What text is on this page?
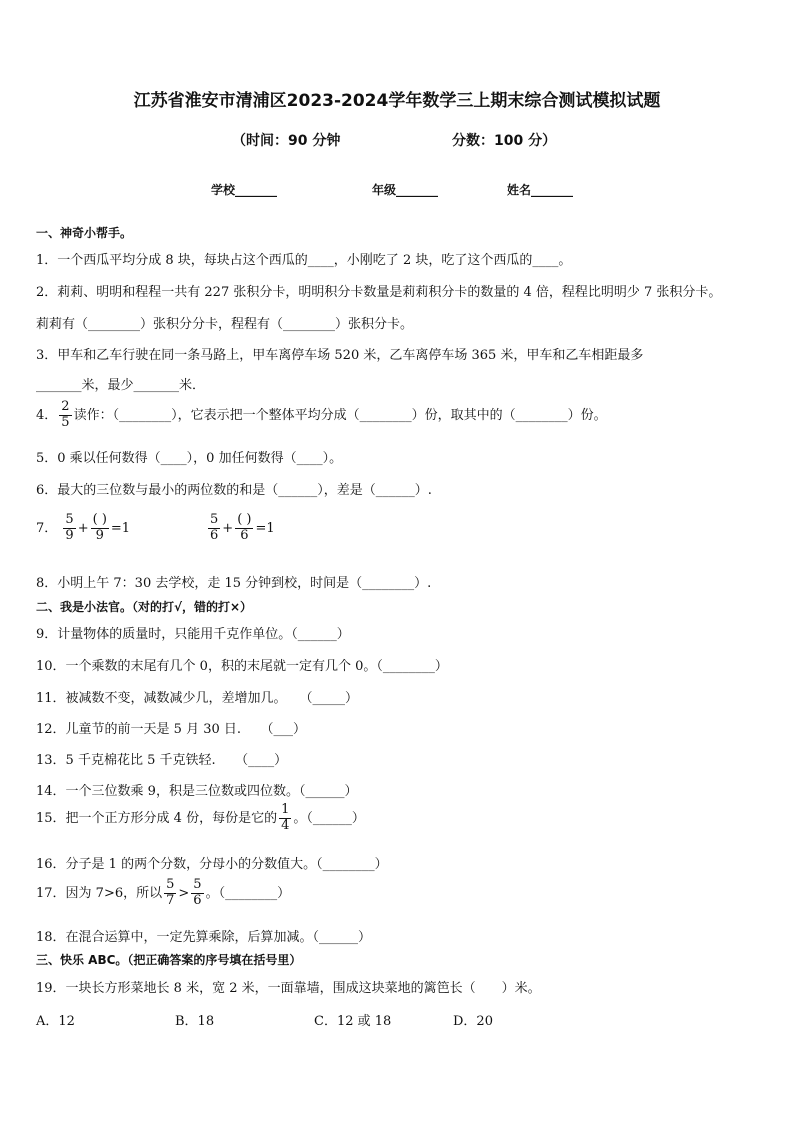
江苏省淮安市清浦区2023-2024学年数学三上期末综合测试模拟试题
（时间：90 分钟	分数：100 分）
学校_______	年级_______	姓名_______
一、神奇小帮手。
1．一个西瓜平均分成 8 块，每块占这个西瓜的____，小刚吃了 2 块，吃了这个西瓜的____。
2．莉莉、明明和程程一共有 227 张积分卡，明明积分卡数量是莉莉积分卡的数量的 4 倍，程程比明明少 7 张积分卡。
莉莉有（________）张积分分卡，程程有（________）张积分卡。
3．甲车和乙车行驶在同一条马路上，甲车离停车场 520 米，乙车离停车场 365 米，甲车和乙车相距最多
_______米，最少_______米．
4． $\frac{2}{5}$ 读作：（________），它表示把一个整体平均分成（________）份，取其中的（________）份。
5．0 乘以任何数得（____），0 加任何数得（____）。
6．最大的三位数与最小的两位数的和是（______），差是（______）.
7． $\frac{5}{9} + \frac{( )}{9} =1$	$\frac{5}{6} + \frac{( )}{6} =1$
8．小明上午 7：30 去学校，走 15 分钟到校，时间是（________）.
二、我是小法官。（对的打√，错的打×）
9．计量物体的质量时，只能用千克作单位。（______）
10．一个乘数的末尾有几个 0，积的末尾就一定有几个 0。（________）
11．被减数不变，减数减少几，差增加几。　　（_____）
12．儿童节的前一天是 5 月 30 日.　　（___）
13．5 千克棉花比 5 千克铁轻.　　（____）
14．一个三位数乘 9，积是三位数或四位数。（______）
15．把一个正方形分成 4 份，每份是它的 $\frac{1}{4}$ 。（______）
16．分子是 1 的两个分数，分母小的分数值大。（________）
17．因为 7>6，所以 $\frac{5}{7} > \frac{5}{6}$ 。（________）
18．在混合运算中，一定先算乘除，后算加减。（______）
三、快乐 ABC。（把正确答案的序号填在括号里）
19．一块长方形菜地长 8 米，宽 2 米，一面靠墙，围成这块菜地的篱笆长（　　）米。
A．12	B．18	C．12 或 18	D．20
